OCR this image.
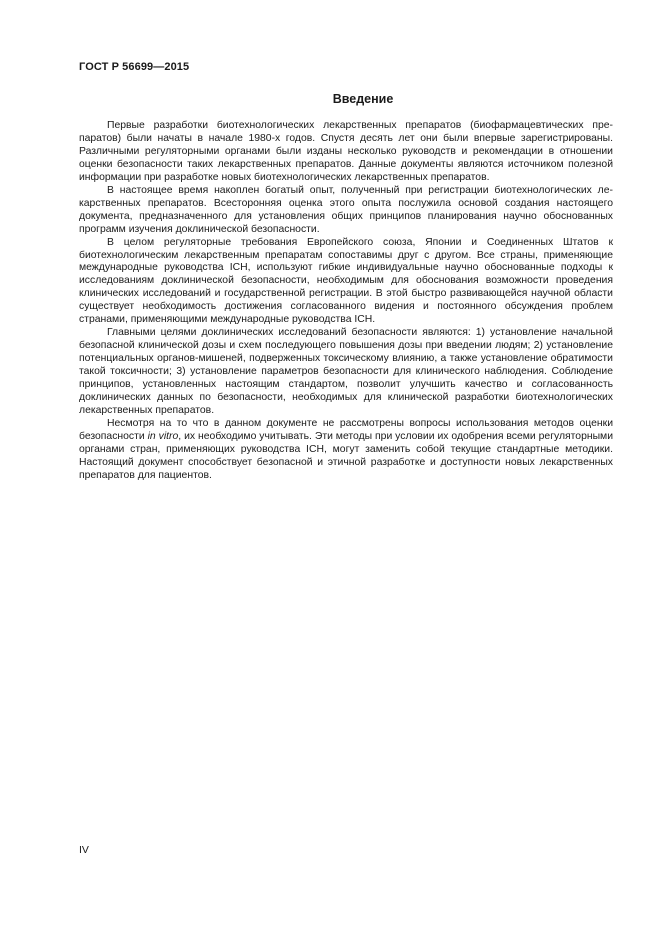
ГОСТ Р 56699—2015
Введение

Первые разработки биотехнологических лекарственных препаратов (биофармацевтических препаратов) были начаты в начале 1980-х годов. Спустя десять лет они были впервые зарегистрированы. Различными регуляторными органами были изданы несколько руководств и рекомендации в отношении оценки безопасности таких лекарственных препаратов. Данные документы являются источником полезной информации при разработке новых биотехнологических лекарственных препаратов.

В настоящее время накоплен богатый опыт, полученный при регистрации биотехнологических лекарственных препаратов. Всесторонняя оценка этого опыта послужила основой создания настоящего документа, предназначенного для установления общих принципов планирования научно обоснованных программ изучения доклинической безопасности.

В целом регуляторные требования Европейского союза, Японии и Соединенных Штатов к биотехнологическим лекарственным препаратам сопоставимы друг с другом. Все страны, применяющие международные руководства ICH, используют гибкие индивидуальные научно обоснованные подходы к исследованиям доклинической безопасности, необходимым для обоснования возможности проведения клинических исследований и государственной регистрации. В этой быстро развивающейся научной области существует необходимость достижения согласованного видения и постоянного обсуждения проблем странами, применяющими международные руководства ICH.

Главными целями доклинических исследований безопасности являются: 1) установление начальной безопасной клинической дозы и схем последующего повышения дозы при введении людям; 2) установление потенциальных органов-мишеней, подверженных токсическому влиянию, а также установление обратимости такой токсичности; 3) установление параметров безопасности для клинического наблюдения. Соблюдение принципов, установленных настоящим стандартом, позволит улучшить качество и согласованность доклинических данных по безопасности, необходимых для клинической разработки биотехнологических лекарственных препаратов.

Несмотря на то что в данном документе не рассмотрены вопросы использования методов оценки безопасности in vitro, их необходимо учитывать. Эти методы при условии их одобрения всеми регуляторными органами стран, применяющих руководства ICH, могут заменить собой текущие стандартные методики. Настоящий документ способствует безопасной и этичной разработке и доступности новых лекарственных препаратов для пациентов.

IV
